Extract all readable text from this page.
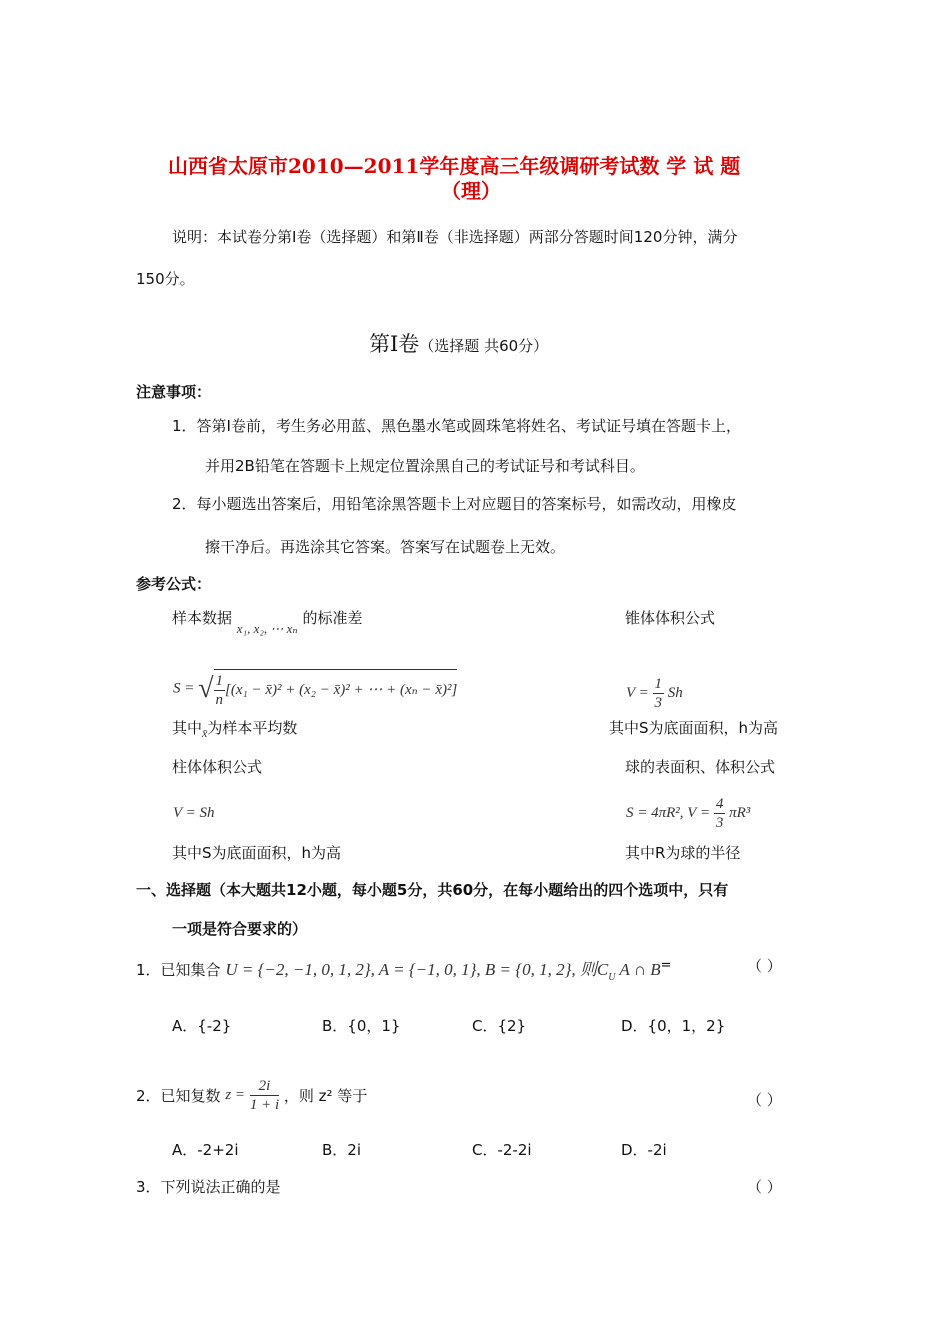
山西省太原市2010—2011学年度高三年级调研考试数 学 试 题
（理）
说明：本试卷分第Ⅰ卷（选择题）和第Ⅱ卷（非选择题）两部分答题时间120分钟，满分
150分。
第Ⅰ卷（选择题 共60分）
注意事项：
1．答第Ⅰ卷前，考生务必用蓝、黑色墨水笔或圆珠笔将姓名、考试证号填在答题卡上，
并用2B铅笔在答题卡上规定位置涂黑自己的考试证号和考试科目。
2．每小题选出答案后，用铅笔涂黑答题卡上对应题目的答案标号，如需改动，用橡皮
擦干净后。再选涂其它答案。答案写在试题卷上无效。
参考公式：
样本数据 x₁, x₂, ⋯ xₙ 的标准差	锥体体积公式
S = √ $\frac{1}{n} [(x_1$ − x̄)² + (x₂ − x̄)² + ⋯ + (xₙ − x̄)²]	$V = \frac{1}{3}$ Sh
其中$_{x̄}$为样本平均数	其中S为底面面积，h为高
柱体体积公式	球的表面积、体积公式
V = Sh	S = 4πR², $V = \frac{4}{3} \pi R^3$
其中S为底面面积，h为高	其中R为球的半径
一、选择题（本大题共12小题，每小题5分，共60分，在每小题给出的四个选项中，只有
一项是符合要求的）
1．已知集合 U = {−2, −1, 0, 1, 2}, A = {−1, 0, 1}, B = {0, 1, 2}, 则$C_U$ A ∩ B=	（ ）
A．{-2}	B．{0，1}	C．{2}	D．{0，1，2}
2．已知复数 $z = \frac{2i}{1 + i}$ ，则 z² 等于	（ ）
A．-2+2i	B．2i	C．-2-2i	D．-2i
3．下列说法正确的是	（ ）
